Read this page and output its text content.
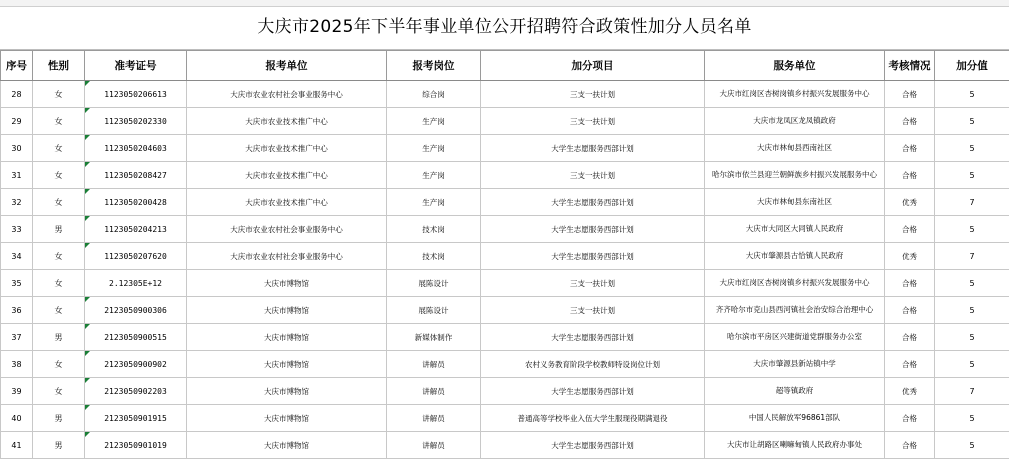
大庆市2025年下半年事业单位公开招聘符合政策性加分人员名单
序号	性别	准考证号	报考单位	报考岗位	加分项目	服务单位	考核情况	加分值
28	女	1123050206613	大庆市农业农村社会事业服务中心	综合岗	三支一扶计划	大庆市红岗区杏树岗镇乡村振兴发展服务中心	合格	5
29	女	1123050202330	大庆市农业技术推广中心	生产岗	三支一扶计划	大庆市龙凤区龙凤镇政府	合格	5
30	女	1123050204603	大庆市农业技术推广中心	生产岗	大学生志愿服务西部计划	大庆市林甸县西南社区	合格	5
31	女	1123050208427	大庆市农业技术推广中心	生产岗	三支一扶计划	哈尔滨市依兰县迎兰朝鲜族乡村振兴发展服务中心	合格	5
32	女	1123050200428	大庆市农业技术推广中心	生产岗	大学生志愿服务西部计划	大庆市林甸县东南社区	优秀	7
33	男	1123050204213	大庆市农业农村社会事业服务中心	技术岗	大学生志愿服务西部计划	大庆市大同区大同镇人民政府	合格	5
34	女	1123050207620	大庆市农业农村社会事业服务中心	技术岗	大学生志愿服务西部计划	大庆市肇源县古恰镇人民政府	优秀	7
35	女	2.12305E+12	大庆市博物馆	展陈设计	三支一扶计划	大庆市红岗区杏树岗镇乡村振兴发展服务中心	合格	5
36	女	2123050900306	大庆市博物馆	展陈设计	三支一扶计划	齐齐哈尔市克山县西河镇社会治安综合治理中心	合格	5
37	男	2123050900515	大庆市博物馆	新媒体制作	大学生志愿服务西部计划	哈尔滨市平房区兴建街道党群服务办公室	合格	5
38	女	2123050900902	大庆市博物馆	讲解员	农村义务教育阶段学校教师特设岗位计划	大庆市肇源县新站镇中学	合格	5
39	女	2123050902203	大庆市博物馆	讲解员	大学生志愿服务西部计划	超等镇政府	优秀	7
40	男	2123050901915	大庆市博物馆	讲解员	普通高等学校毕业入伍大学生服现役期满退役	中国人民解放军96861部队	合格	5
41	男	2123050901019	大庆市博物馆	讲解员	大学生志愿服务西部计划	大庆市让胡路区喇嘛甸镇人民政府办事处	合格	5
